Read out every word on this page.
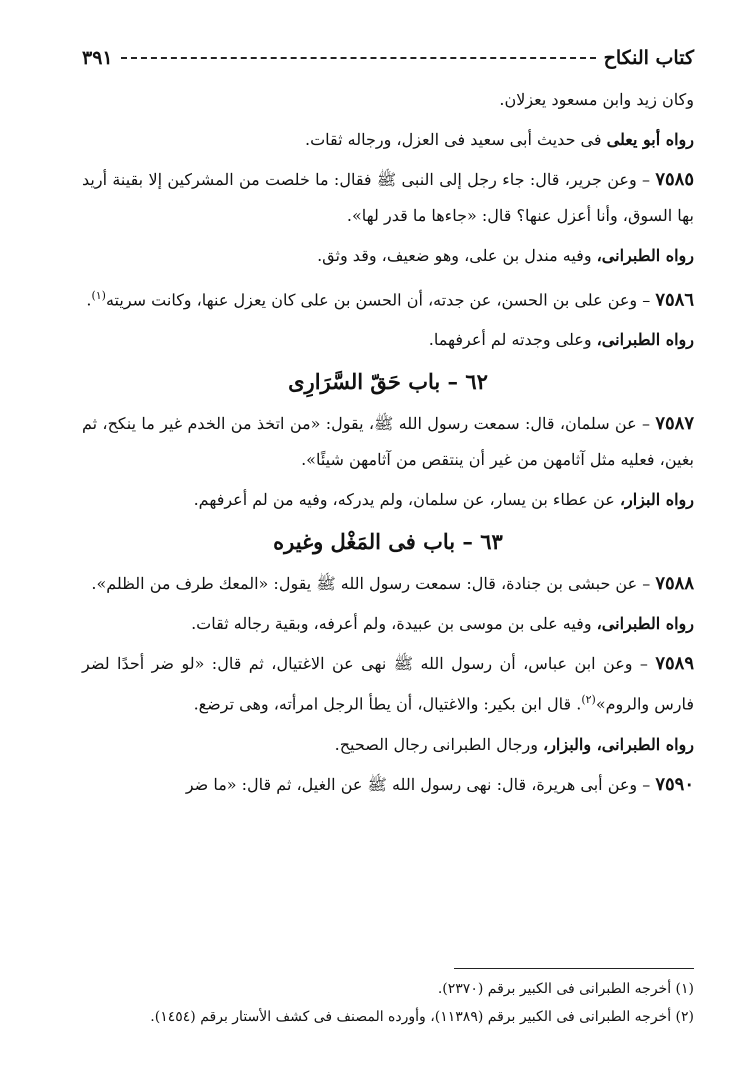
كتاب النكاح
٣٩١

وكان زيد وابن مسعود يعزلان.

رواه أبو يعلى فى حديث أبى سعيد فى العزل، ورجاله ثقات.

٧٥٨٥ – وعن جرير، قال: جاء رجل إلى النبى ﷺ فقال: ما خلصت من المشركين إلا بقينة أريد بها السوق، وأنا أعزل عنها؟ قال: «جاءها ما قدر لها».

رواه الطبرانى، وفيه مندل بن على، وهو ضعيف، وقد وثق.

٧٥٨٦ – وعن على بن الحسن، عن جدته، أن الحسن بن على كان يعزل عنها، وكانت سريته$^{(١)}$.

رواه الطبرانى، وعلى وجدته لم أعرفهما.

٦٢ – باب حَقّ السَّرَارِى

٧٥٨٧ – عن سلمان، قال: سمعت رسول الله ﷺ، يقول: «من اتخذ من الخدم غير ما ينكح، ثم بغين، فعليه مثل آثامهن من غير أن ينتقص من آثامهن شيئًا».

رواه البزار، عن عطاء بن يسار، عن سلمان، ولم يدركه، وفيه من لم أعرفهم.

٦٣ – باب فى المَغْل وغيره

٧٥٨٨ – عن حبشى بن جنادة، قال: سمعت رسول الله ﷺ يقول: «المعك طرف من الظلم».

رواه الطبرانى، وفيه على بن موسى بن عبيدة، ولم أعرفه، وبقية رجاله ثقات.

٧٥٨٩ – وعن ابن عباس، أن رسول الله ﷺ نهى عن الاغتيال، ثم قال: «لو ضر أحدًا لضر فارس والروم»$^{(٢)}$. قال ابن بكير: والاغتيال، أن يطأ الرجل امرأته، وهى ترضع.

رواه الطبرانى، والبزار، ورجال الطبرانى رجال الصحيح.

٧٥٩٠ – وعن أبى هريرة، قال: نهى رسول الله ﷺ عن الغيل، ثم قال: «ما ضر

(١) أخرجه الطبرانى فى الكبير برقم (٢٣٧٠).
(٢) أخرجه الطبرانى فى الكبير برقم (١١٣٨٩)، وأورده المصنف فى كشف الأستار برقم (١٤٥٤).
